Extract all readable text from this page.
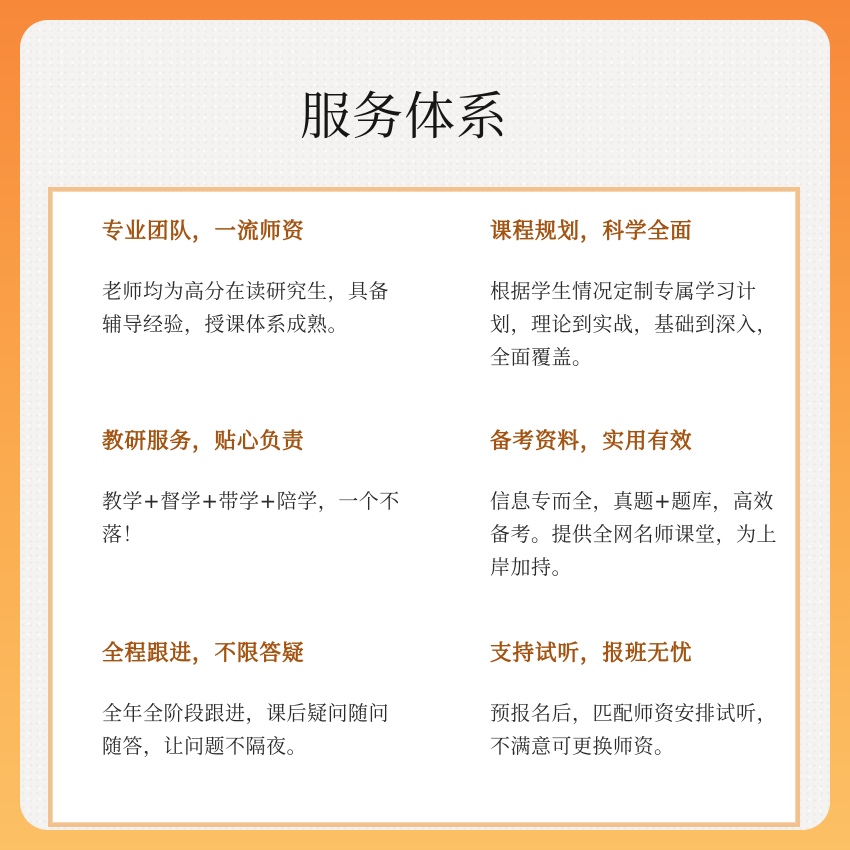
服务体系
专业团队，一流师资

老师均为高分在读研究生，具备辅导经验，授课体系成熟。

课程规划，科学全面

根据学生情况定制专属学习计划，理论到实战，基础到深入，全面覆盖。

教研服务，贴心负责

教学+督学+带学+陪学，一个不落！

备考资料，实用有效

信息专而全，真题+题库，高效备考。提供全网名师课堂，为上岸加持。

全程跟进，不限答疑

全年全阶段跟进，课后疑问随问随答，让问题不隔夜。

支持试听，报班无忧

预报名后，匹配师资安排试听，不满意可更换师资。
